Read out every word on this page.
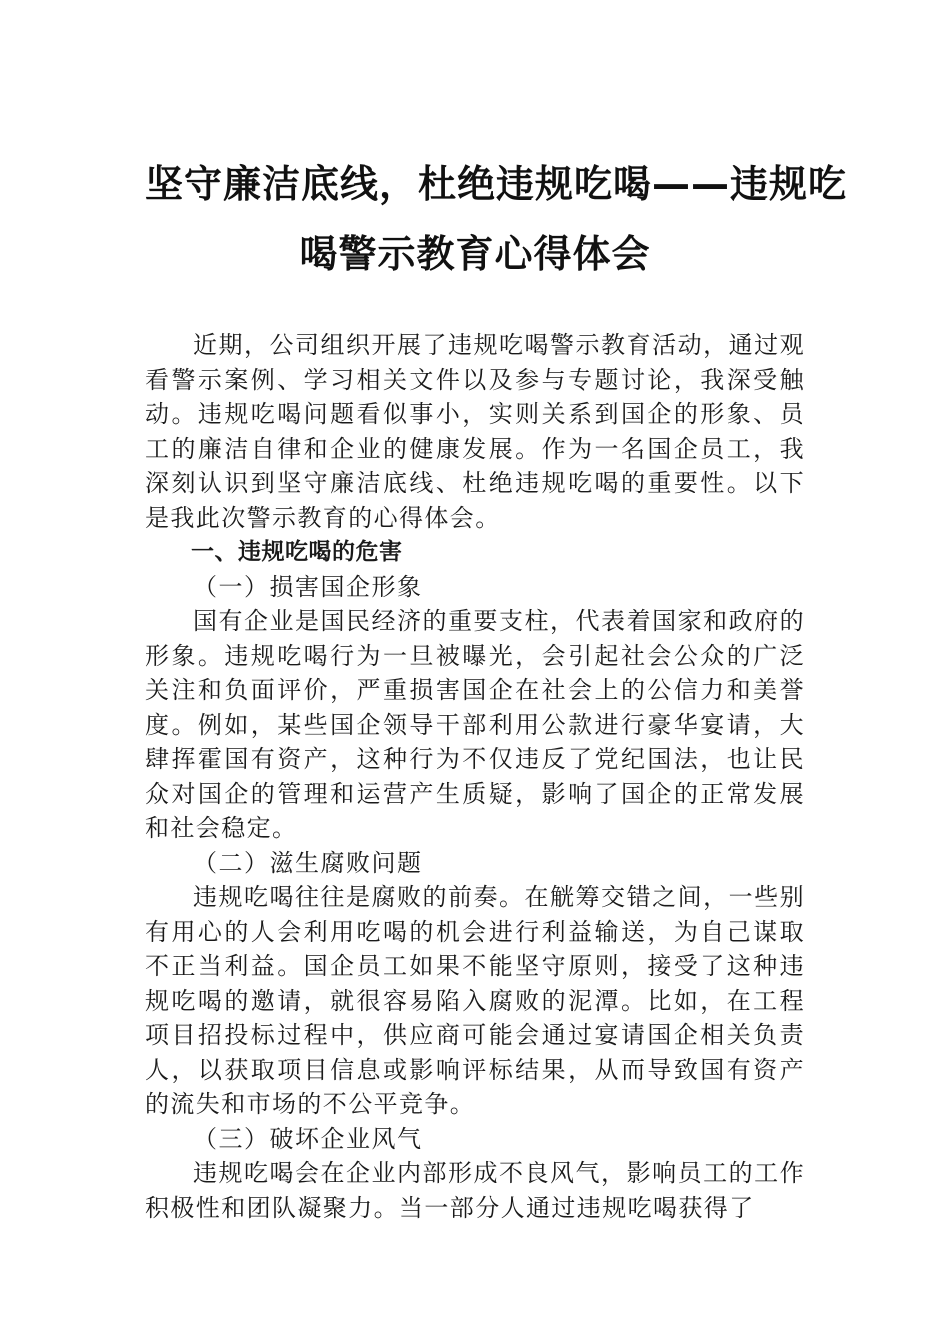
坚守廉洁底线，杜绝违规吃喝——违规吃
喝警示教育心得体会

近期，公司组织开展了违规吃喝警示教育活动，通过观看警示案例、学习相关文件以及参与专题讨论，我深受触动。违规吃喝问题看似事小，实则关系到国企的形象、员工的廉洁自律和企业的健康发展。作为一名国企员工，我深刻认识到坚守廉洁底线、杜绝违规吃喝的重要性。以下是我此次警示教育的心得体会。

一、违规吃喝的危害

（一）损害国企形象

国有企业是国民经济的重要支柱，代表着国家和政府的形象。违规吃喝行为一旦被曝光，会引起社会公众的广泛关注和负面评价，严重损害国企在社会上的公信力和美誉度。例如，某些国企领导干部利用公款进行豪华宴请，大肆挥霍国有资产，这种行为不仅违反了党纪国法，也让民众对国企的管理和运营产生质疑，影响了国企的正常发展和社会稳定。

（二）滋生腐败问题

违规吃喝往往是腐败的前奏。在觥筹交错之间，一些别有用心的人会利用吃喝的机会进行利益输送，为自己谋取不正当利益。国企员工如果不能坚守原则，接受了这种违规吃喝的邀请，就很容易陷入腐败的泥潭。比如，在工程项目招投标过程中，供应商可能会通过宴请国企相关负责人，以获取项目信息或影响评标结果，从而导致国有资产的流失和市场的不公平竞争。

（三）破坏企业风气

违规吃喝会在企业内部形成不良风气，影响员工的工作积极性和团队凝聚力。当一部分人通过违规吃喝获得了
